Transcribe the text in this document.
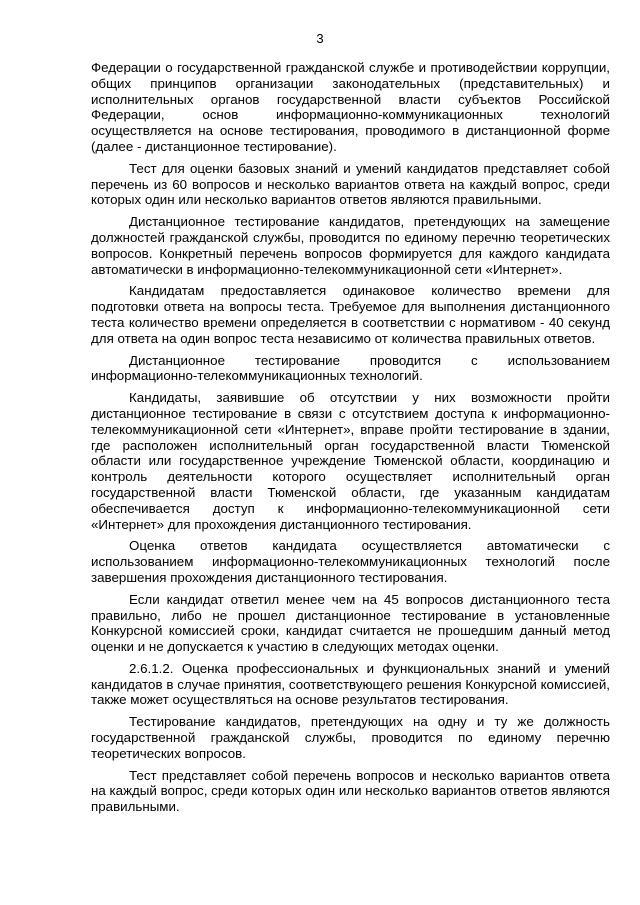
3

Федерации о государственной гражданской службе и противодействии коррупции, общих принципов организации законодательных (представительных) и исполнительных органов государственной власти субъектов Российской Федерации, основ информационно-коммуникационных технологий осуществляется на основе тестирования, проводимого в дистанционной форме (далее - дистанционное тестирование).

Тест для оценки базовых знаний и умений кандидатов представляет собой перечень из 60 вопросов и несколько вариантов ответа на каждый вопрос, среди которых один или несколько вариантов ответов являются правильными.

Дистанционное тестирование кандидатов, претендующих на замещение должностей гражданской службы, проводится по единому перечню теоретических вопросов. Конкретный перечень вопросов формируется для каждого кандидата автоматически в информационно-телекоммуникационной сети «Интернет».

Кандидатам предоставляется одинаковое количество времени для подготовки ответа на вопросы теста. Требуемое для выполнения дистанционного теста количество времени определяется в соответствии с нормативом - 40 секунд для ответа на один вопрос теста независимо от количества правильных ответов.

Дистанционное тестирование проводится с использованием информационно-телекоммуникационных технологий.

Кандидаты, заявившие об отсутствии у них возможности пройти дистанционное тестирование в связи с отсутствием доступа к информационно-телекоммуникационной сети «Интернет», вправе пройти тестирование в здании, где расположен исполнительный орган государственной власти Тюменской области или государственное учреждение Тюменской области, координацию и контроль деятельности которого осуществляет исполнительный орган государственной власти Тюменской области, где указанным кандидатам обеспечивается доступ к информационно-телекоммуникационной сети «Интернет» для прохождения дистанционного тестирования.

Оценка ответов кандидата осуществляется автоматически с использованием информационно-телекоммуникационных технологий после завершения прохождения дистанционного тестирования.

Если кандидат ответил менее чем на 45 вопросов дистанционного теста правильно, либо не прошел дистанционное тестирование в установленные Конкурсной комиссией сроки, кандидат считается не прошедшим данный метод оценки и не допускается к участию в следующих методах оценки.

2.6.1.2. Оценка профессиональных и функциональных знаний и умений кандидатов в случае принятия, соответствующего решения Конкурсной комиссией, также может осуществляться на основе результатов тестирования.

Тестирование кандидатов, претендующих на одну и ту же должность государственной гражданской службы, проводится по единому перечню теоретических вопросов.

Тест представляет собой перечень вопросов и несколько вариантов ответа на каждый вопрос, среди которых один или несколько вариантов ответов являются правильными.
